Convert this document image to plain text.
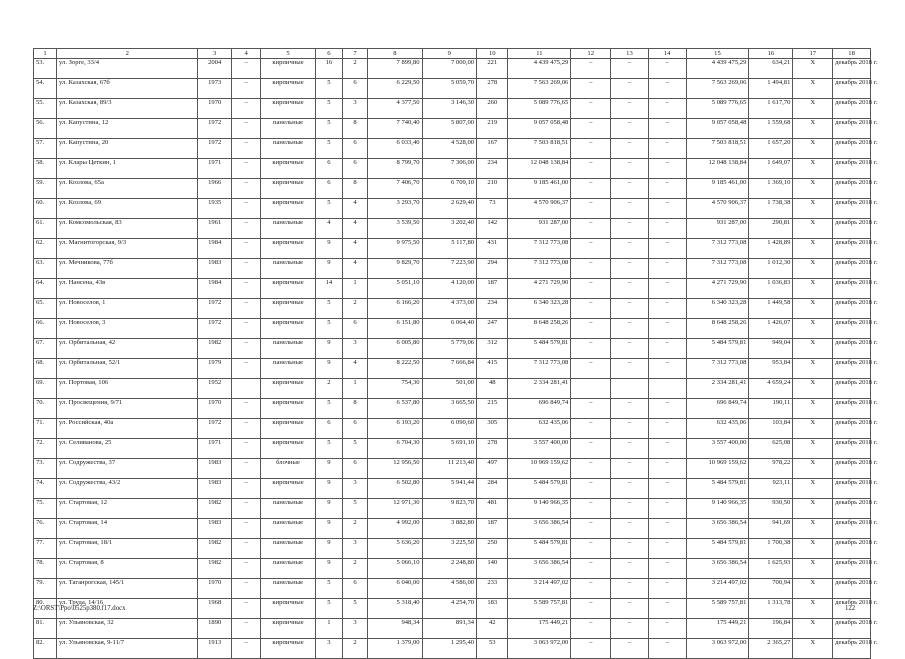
1	2	3	4	5	6	7	8	9	10	11	12	13	14	15	16	17	18
53.	ул. Зорге, 33/4	2004	–	кирпичные	16	2	7 899,80	7 000,00	221	4 439 475,29	–	–	–	4 439 475,29	634,21	Х	декабрь 2018 г.
54.	ул. Казахская, 67б	1973	–	кирпичные	5	6	6 229,50	5 059,70	278	7 563 269,06	–	–	–	7 563 269,06	1 494,81	Х	декабрь 2018 г.
55.	ул. Казахская, 89/3	1970	–	кирпичные	5	3	4 377,50	3 146,30	260	5 089 776,65	–	–	–	5 089 776,65	1 617,70	Х	декабрь 2018 г.
56.	ул. Капустина, 12	1972	–	панельные	5	8	7 740,40	5 807,00	219	9 057 058,48	–	–	–	9 057 058,48	1 559,68	Х	декабрь 2018 г.
57.	ул. Капустина, 20	1972	–	панельные	5	6	6 033,40	4 528,00	167	7 503 818,51	–	–	–	7 503 818,51	1 657,20	Х	декабрь 2018 г.
58.	ул. Клары Цеткин, 1	1971	–	кирпичные	6	6	8 799,70	7 306,00	234	12 048 138,84	–	–	–	12 048 138,84	1 649,07	Х	декабрь 2018 г.
59.	ул. Козлова, 65а	1966	–	кирпичные	6	8	7 406,70	6 709,10	210	9 185 461,00	–	–	–	9 185 461,00	1 369,10	Х	декабрь 2018 г.
60.	ул. Козлова, 69	1935	–	кирпичные	5	4	3 293,70	2 629,40	73	4 570 906,37	–	–	–	4 570 906,37	1 738,38	Х	декабрь 2018 г.
61.	ул. Комсомольская, 83	1961	–	панельные	4	4	3 539,50	3 202,40	142	931 287,00	–	–	–	931 287,00	290,81	Х	декабрь 2018 г.
62.	ул. Магнитогорская, 9/3	1984	–	кирпичные	9	4	9 975,50	5 117,80	431	7 312 773,08	–	–	–	7 312 773,08	1 428,89	Х	декабрь 2018 г.
63.	ул. Мечникова, 77б	1983	–	панельные	9	4	9 829,70	7 223,90	294	7 312 773,08	–	–	–	7 312 773,08	1 012,30	Х	декабрь 2018 г.
64.	ул. Нансена, 43в	1984	–	кирпичные	14	1	5 051,10	4 120,00	187	4 271 729,90	–	–	–	4 271 729,90	1 036,83	Х	декабрь 2018 г.
65.	ул. Новоселов, 1	1972	–	кирпичные	5	2	6 166,20	4 373,00	234	6 340 323,28	–	–	–	6 340 323,28	1 449,58	Х	декабрь 2018 г.
66.	ул. Новоселов, 3	1972	–	кирпичные	5	6	6 151,80	6 064,40	247	8 648 258,26	–	–	–	8 648 258,26	1 426,07	Х	декабрь 2018 г.
67.	ул. Орбитальная, 42	1982	–	панельные	9	3	6 005,80	5 779,06	312	5 484 579,81	–	–	–	5 484 579,81	949,04	Х	декабрь 2018 г.
68.	ул. Орбитальная, 52/1	1979	–	панельные	9	4	8 222,50	7 666,84	415	7 312 773,08	–	–	–	7 312 773,08	953,84	Х	декабрь 2018 г.
69.	ул. Портовая, 106	1952		кирпичные	2	1	754,30	501,00	48	2 334 281,41				2 334 281,41	4 659,24	Х	декабрь 2018 г.
70.	ул. Просвещения, 9/71	1970	–	кирпичные	5	8	6 537,80	3 665,50	215	696 849,74	–	–	–	696 849,74	190,11	Х	декабрь 2018 г.
71.	ул. Российская, 40а	1972	–	кирпичные	6	6	6 193,20	6 090,60	305	632 435,06	–	–	–	632 435,06	103,84	Х	декабрь 2018 г.
72.	ул. Селиванова, 25	1971	–	кирпичные	5	5	6 704,30	5 691,10	278	3 557 400,00	–	–	–	3 557 400,00	625,08	Х	декабрь 2018 г.
73.	ул. Содружества, 37	1983	–	блочные	9	6	12 956,50	11 213,40	497	10 969 159,62	–	–	–	10 969 159,62	978,22	Х	декабрь 2018 г.
74.	ул. Содружества, 43/2	1983	–	кирпичные	9	3	6 502,80	5 941,44	284	5 484 579,81	–	–	–	5 484 579,81	923,11	Х	декабрь 2018 г.
75.	ул. Стартовая, 12	1982	–	панельные	9	5	12 971,30	9 823,70	481	9 140 966,35	–	–	–	9 140 966,35	930,50	Х	декабрь 2018 г.
76.	ул. Стартовая, 14	1983	–	панельные	9	2	4 992,00	3 882,80	187	3 656 386,54	–	–	–	3 656 386,54	941,69	Х	декабрь 2018 г.
77.	ул. Стартовая, 18/1	1982	–	панельные	9	3	5 636,20	3 225,50	250	5 484 579,81	–	–	–	5 484 579,81	1 700,38	Х	декабрь 2018 г.
78.	ул. Стартовая, 8	1982	–	панельные	9	2	5 066,10	2 248,80	140	3 656 386,54	–	–	–	3 656 386,54	1 625,93	Х	декабрь 2018 г.
79.	ул. Таганрогская, 145/1	1970	–	панельные	5	6	6 040,00	4 586,00	233	3 214 497,02	–	–	–	3 214 497,02	700,94	Х	декабрь 2018 г.
80.	ул. Труда, 14/16	1968	–	кирпичные	5	5	5 318,40	4 254,70	183	5 589 757,81	–	–	–	5 589 757,81	1 313,78	Х	декабрь 2018 г.
81.	ул. Ульяновская, 32	1890	–	кирпичные	1	3	948,34	891,34	42	175 449,21	–	–	–	175 449,21	196,84	Х	декабрь 2018 г.
82.	ул. Ульяновская, 9-11/7	1913	–	кирпичные	3	2	1 379,00	1 295,40	53	3 063 972,00	–	–	–	3 063 972,00	2 365,27	Х	декабрь 2018 г.
Z:\ORST\Ppo\0525p380.f17.docx	122
